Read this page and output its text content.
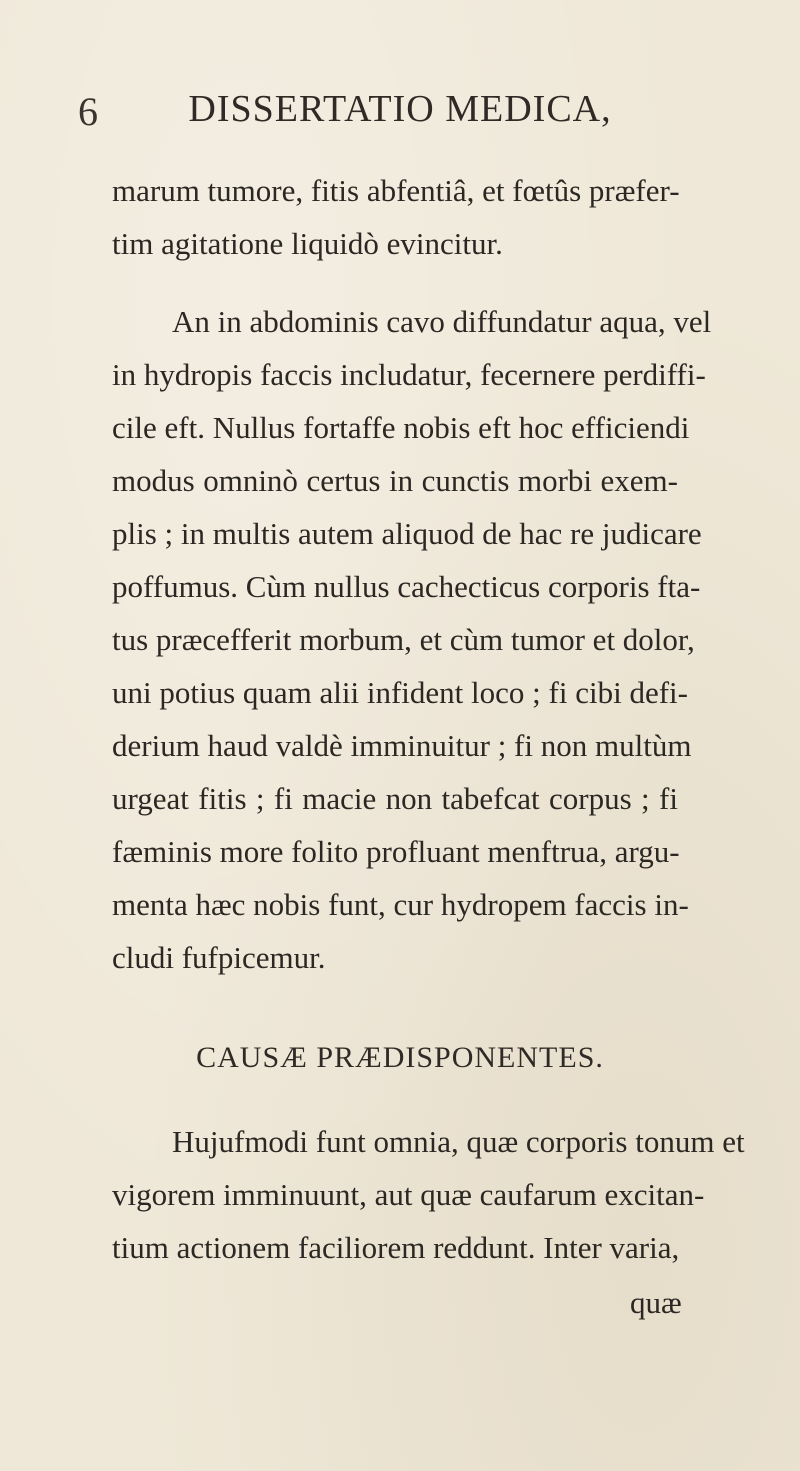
6	DISSERTATIO MEDICA,
marum tumore, fitis abfentiâ, et fœtûs præfer-
tim agitatione liquidò evincitur.
An in abdominis cavo diffundatur aqua, vel
in hydropis faccis includatur, fecernere perdiffi-
cile eft. Nullus fortaffe nobis eft hoc efficiendi
modus omninò certus in cunctis morbi exem-
plis ; in multis autem aliquod de hac re judicare
poffumus. Cùm nullus cachecticus corporis fta-
tus præcefferit morbum, et cùm tumor et dolor,
uni potius quam alii infident loco ; fi cibi defi-
derium haud valdè imminuitur ; fi non multùm
urgeat fitis ; fi macie non tabefcat corpus ; fi
fæminis more folito profluant menftrua, argu-
menta hæc nobis funt, cur hydropem faccis in-
cludi fufpicemur.
CAUSÆ PRÆDISPONENTES.
Hujufmodi funt omnia, quæ corporis tonum et
vigorem imminuunt, aut quæ caufarum excitan-
tium actionem faciliorem reddunt. Inter varia,
quæ
